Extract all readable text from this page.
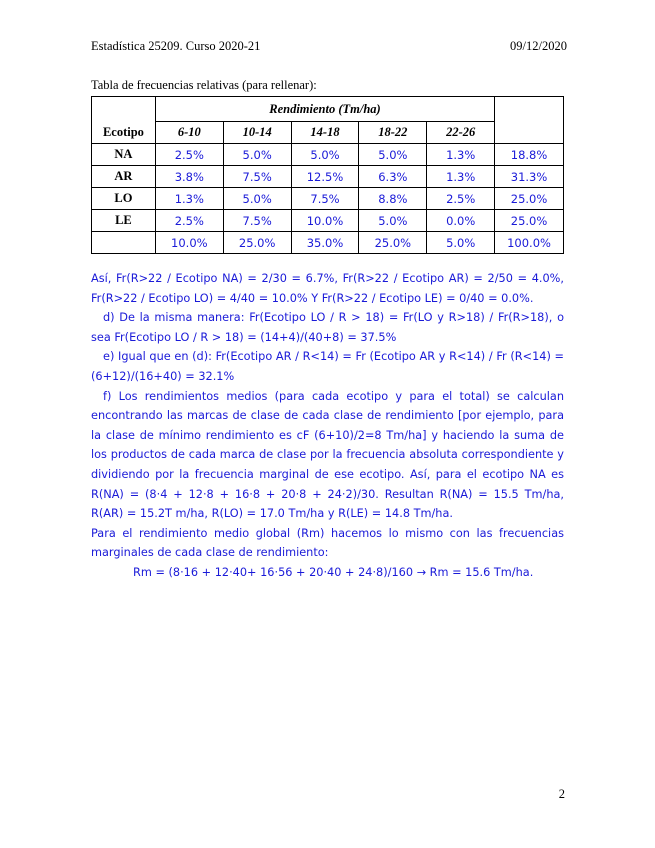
Estadística 25209. Curso 2020-21	09/12/2020
Tabla de frecuencias relativas (para rellenar):
	Rendimiento (Tm/ha)					
Ecotipo	6-10	10-14	14-18	18-22	22-26	
NA	2.5%	5.0%	5.0%	5.0%	1.3%	18.8%
AR	3.8%	7.5%	12.5%	6.3%	1.3%	31.3%
LO	1.3%	5.0%	7.5%	8.8%	2.5%	25.0%
LE	2.5%	7.5%	10.0%	5.0%	0.0%	25.0%
	10.0%	25.0%	35.0%	25.0%	5.0%	100.0%

Así, Fr(R>22 / Ecotipo NA) = 2/30 = 6.7%, Fr(R>22 / Ecotipo AR) = 2/50 = 4.0%, Fr(R>22 / Ecotipo LO) = 4/40 = 10.0% Y Fr(R>22 / Ecotipo LE) = 0/40 = 0.0%.

d) De la misma manera: Fr(Ecotipo LO / R > 18) = Fr(LO y R>18) / Fr(R>18), o sea Fr(Ecotipo LO / R > 18) = (14+4)/(40+8) = 37.5%

e) Igual que en (d): Fr(Ecotipo AR / R<14) = Fr (Ecotipo AR y R<14) / Fr (R<14) = (6+12)/(16+40) = 32.1%

f) Los rendimientos medios (para cada ecotipo y para el total) se calculan encontrando las marcas de clase de cada clase de rendimiento [por ejemplo, para la clase de mínimo rendimiento es cF (6+10)/2=8 Tm/ha] y haciendo la suma de los productos de cada marca de clase por la frecuencia absoluta correspondiente y dividiendo por la frecuencia marginal de ese ecotipo. Así, para el ecotipo NA es R(NA) = (8·4 + 12·8 + 16·8 + 20·8 + 24·2)/30. Resultan R(NA) = 15.5 Tm/ha, R(AR) = 15.2T m/ha, R(LO) = 17.0 Tm/ha y R(LE) = 14.8 Tm/ha.

Para el rendimiento medio global (Rm) hacemos lo mismo con las frecuencias marginales de cada clase de rendimiento:

Rm = (8·16 + 12·40+ 16·56 + 20·40 + 24·8)/160 → Rm = 15.6 Tm/ha.

2
